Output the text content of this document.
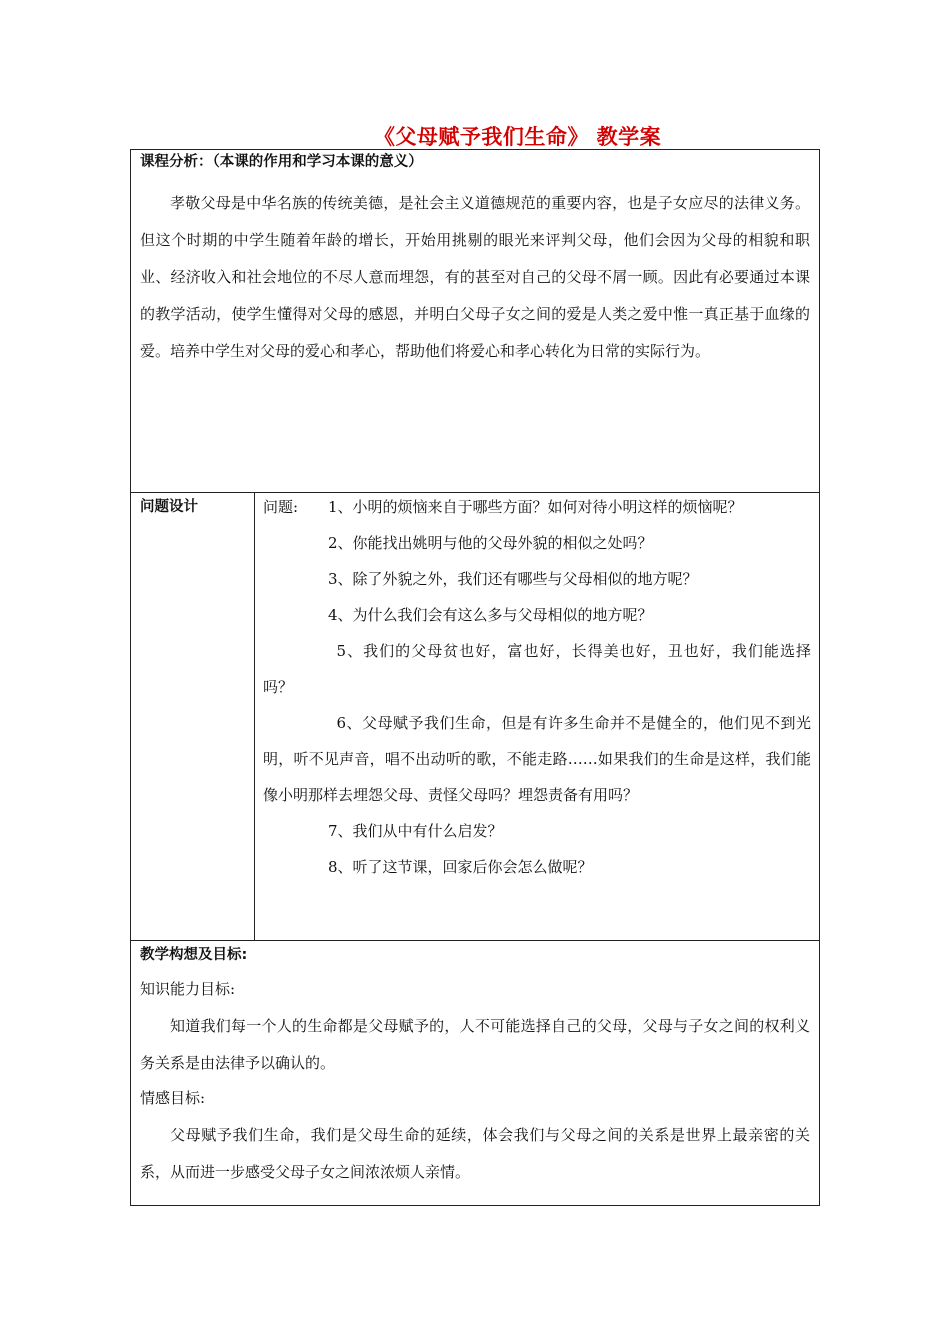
《父母赋予我们生命》 教学案
课程分析：（本课的作用和学习本课的意义）
孝敬父母是中华名族的传统美德，是社会主义道德规范的重要内容，也是子女应尽的法律义务。但这个时期的中学生随着年龄的增长，开始用挑剔的眼光来评判父母，他们会因为父母的相貌和职业、经济收入和社会地位的不尽人意而埋怨，有的甚至对自己的父母不屑一顾。因此有必要通过本课的教学活动，使学生懂得对父母的感恩，并明白父母子女之间的爱是人类之爱中惟一真正基于血缘的爱。培养中学生对父母的爱心和孝心，帮助他们将爱心和孝心转化为日常的实际行为。

问题设计	问题: 1、小明的烦恼来自于哪些方面？如何对待小明这样的烦恼呢？
2、你能找出姚明与他的父母外貌的相似之处吗？
3、除了外貌之外，我们还有哪些与父母相似的地方呢？
4、为什么我们会有这么多与父母相似的地方呢？
5、我们的父母贫也好，富也好，长得美也好，丑也好，我们能选择吗？
6、父母赋予我们生命，但是有许多生命并不是健全的，他们见不到光明，听不见声音，唱不出动听的歌，不能走路……如果我们的生命是这样，我们能像小明那样去埋怨父母、责怪父母吗？埋怨责备有用吗？
7、我们从中有什么启发？
8、听了这节课，回家后你会怎么做呢？

教学构想及目标:
知识能力目标:
知道我们每一个人的生命都是父母赋予的，人不可能选择自己的父母，父母与子女之间的权利义务关系是由法律予以确认的。
情感目标:
父母赋予我们生命，我们是父母生命的延续，体会我们与父母之间的关系是世界上最亲密的关系，从而进一步感受父母子女之间浓浓烦人亲情。
